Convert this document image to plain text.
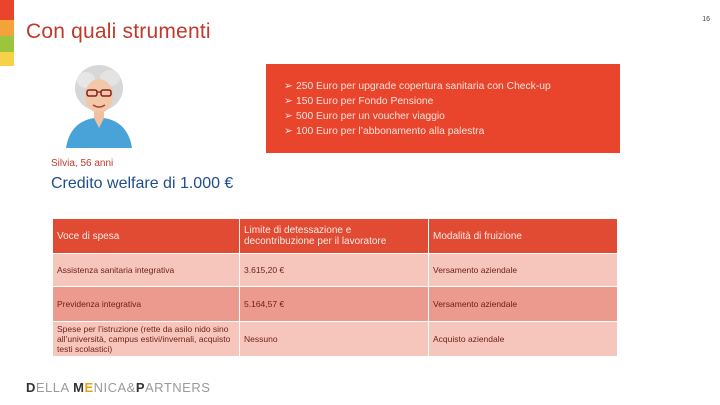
Con quali strumenti
16
Silvia, 56 anni
Credito welfare di 1.000 €
➢ 250 Euro per upgrade copertura sanitaria con Check-up
➢ 150 Euro per Fondo Pensione
➢ 500 Euro per un voucher viaggio
➢ 100 Euro per l’abbonamento alla palestra
Voce di spesa	Limite di detessazione e decontribuzione per il lavoratore	Modalità di fruizione
Assistenza sanitaria integrativa	3.615,20 €	Versamento aziendale
Previdenza integrativa	5.164,57 €	Versamento aziendale
Spese per l’istruzione (rette da asilo nido sino all’università, campus estivi/invernali, acquisto testi scolastici)	Nessuno	Acquisto aziendale
DELLA MENICA&PARTNERS
